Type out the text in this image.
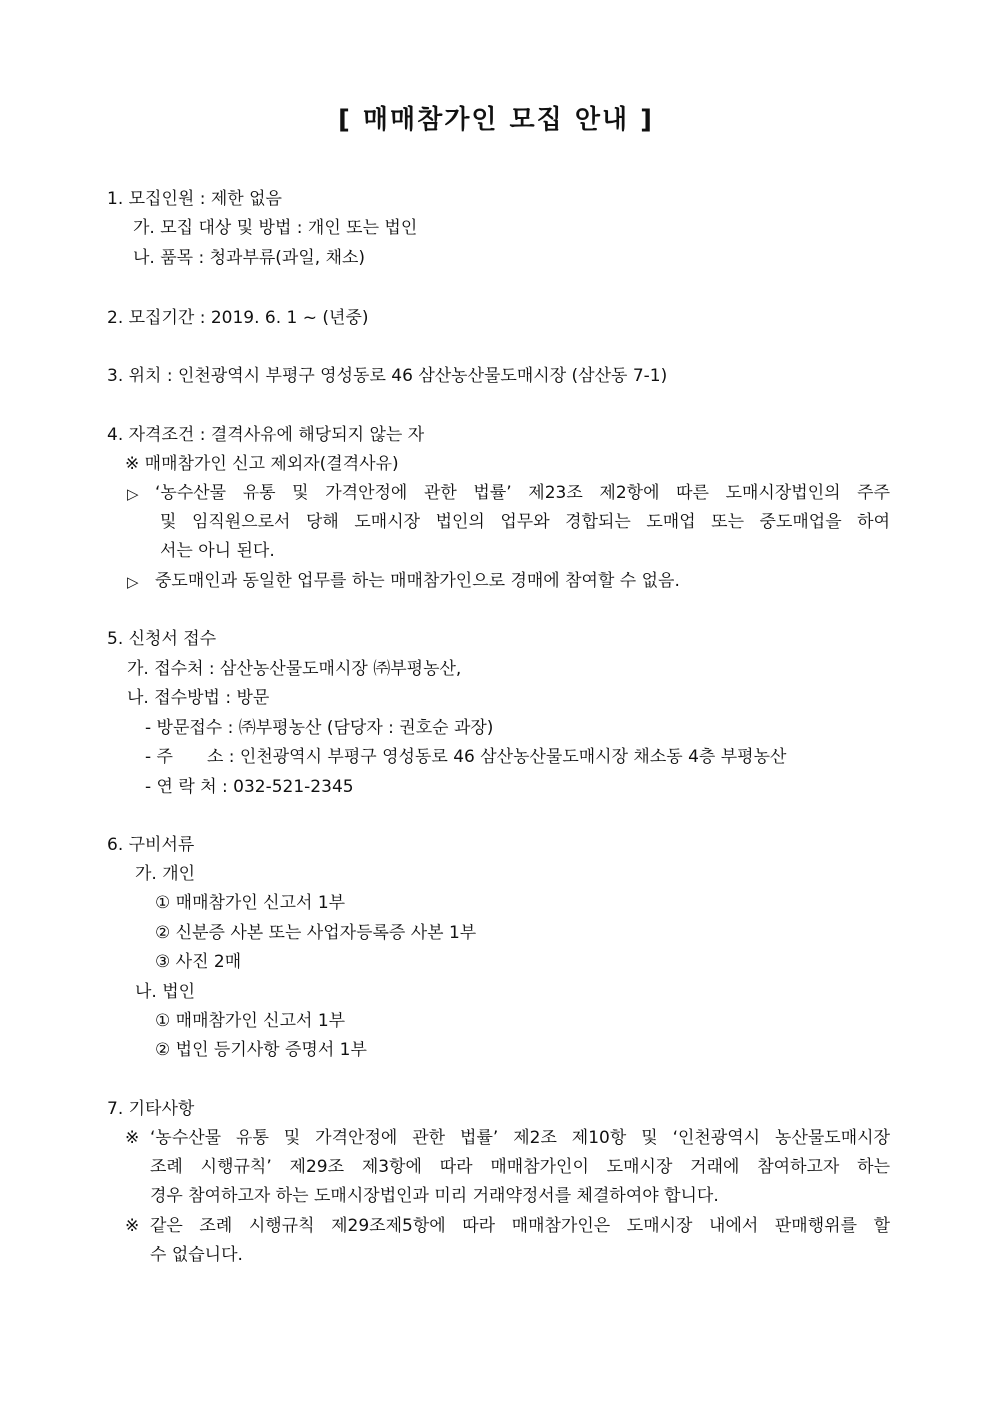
[ 매매참가인 모집 안내 ]
1. 모집인원 : 제한 없음
가. 모집 대상 및 방법 : 개인 또는 법인
나. 품목 : 청과부류(과일, 채소)
2. 모집기간 : 2019. 6. 1 ~ (년중)
3. 위치 : 인천광역시 부평구 영성동로 46 삼산농산물도매시장 (삼산동 7-1)
4. 자격조건 : 결격사유에 해당되지 않는 자
※ 매매참가인 신고 제외자(결격사유)
▷ ‘농수산물 유통 및 가격안정에 관한 법률’ 제23조 제2항에 따른 도매시장법인의 주주
및 임직원으로서 당해 도매시장 법인의 업무와 경합되는 도매업 또는 중도매업을 하여
서는 아니 된다.
▷ 중도매인과 동일한 업무를 하는 매매참가인으로 경매에 참여할 수 없음.
5. 신청서 접수
가. 접수처 : 삼산농산물도매시장 ㈜부평농산,
나. 접수방법 : 방문
- 방문접수 : ㈜부평농산 (담당자 : 권호순 과장)
- 주　　소 : 인천광역시 부평구 영성동로 46 삼산농산물도매시장 채소동 4층 부평농산
- 연 락 처 : 032-521-2345
6. 구비서류
가. 개인
① 매매참가인 신고서 1부
② 신분증 사본 또는 사업자등록증 사본 1부
③ 사진 2매
나. 법인
① 매매참가인 신고서 1부
② 법인 등기사항 증명서 1부
7. 기타사항
※ ‘농수산물 유통 및 가격안정에 관한 법률’ 제2조 제10항 및 ‘인천광역시 농산물도매시장
조례 시행규칙’ 제29조 제3항에 따라 매매참가인이 도매시장 거래에 참여하고자 하는
경우 참여하고자 하는 도매시장법인과 미리 거래약정서를 체결하여야 합니다.
※ 같은 조례 시행규칙 제29조제5항에 따라 매매참가인은 도매시장 내에서 판매행위를 할
수 없습니다.
